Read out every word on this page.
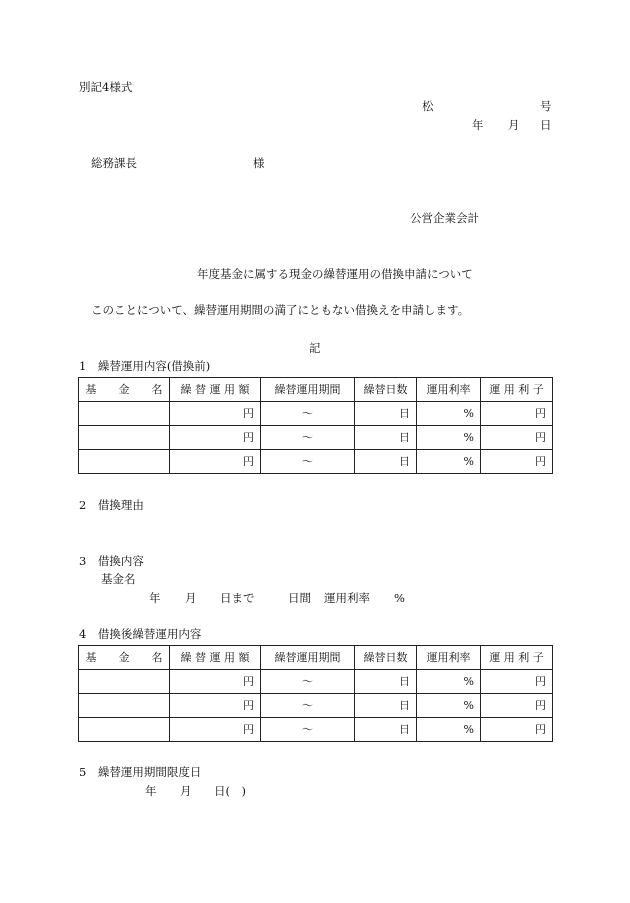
別記4様式
松	号
年 月 日
総務課長	様
公営企業会計
年度基金に属する現金の繰替運用の借換申請について
このことについて、繰替運用期間の満了にともない借換えを申請します。
記
1　繰替運用内容(借換前)
基　　金　　名	繰 替 運 用 額	繰替運用期間	繰替日数	運用利率	運 用 利 子
	円	～	日	%	円
	円	～	日	%	円
	円	～	日	%	円
2　借換理由
3　借換内容
基金名
年 月 日まで	日間 運用利率 %
4　借換後繰替運用内容
基　　金　　名	繰 替 運 用 額	繰替運用期間	繰替日数	運用利率	運 用 利 子
	円	～	日	%	円
	円	～	日	%	円
	円	～	日	%	円
5　繰替運用期間限度日
年 月 日(　)
